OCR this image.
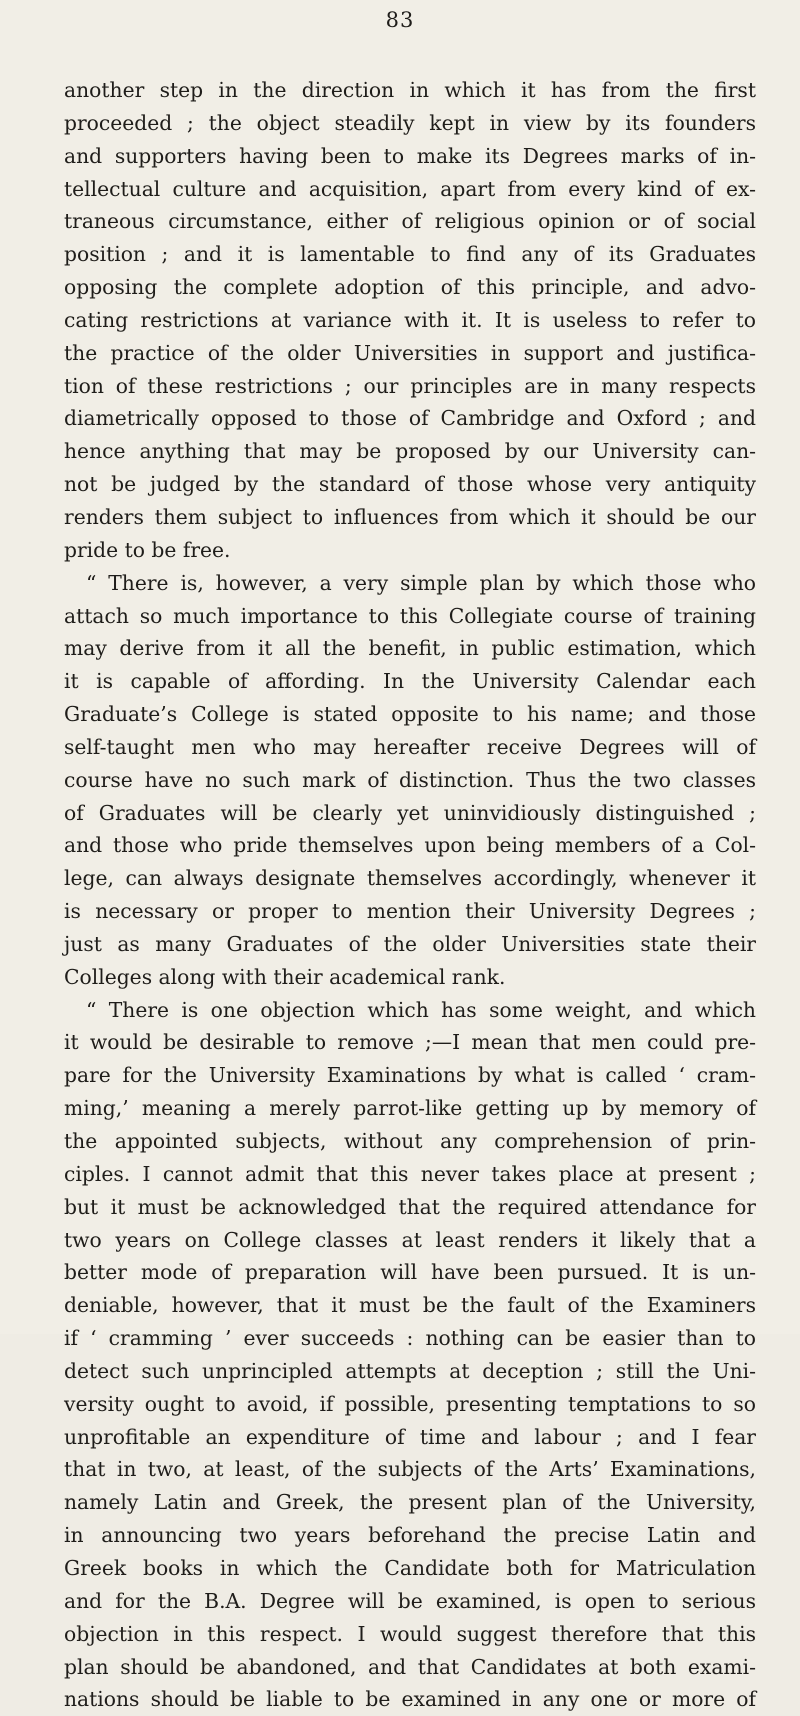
83
another step in the direction in which it has from the first
proceeded ; the object steadily kept in view by its founders
and supporters having been to make its Degrees marks of in-
tellectual culture and acquisition, apart from every kind of ex-
traneous circumstance, either of religious opinion or of social
position ; and it is lamentable to find any of its Graduates
opposing the complete adoption of this principle, and advo-
cating restrictions at variance with it. It is useless to refer to
the practice of the older Universities in support and justifica-
tion of these restrictions ; our principles are in many respects
diametrically opposed to those of Cambridge and Oxford ; and
hence anything that may be proposed by our University can-
not be judged by the standard of those whose very antiquity
renders them subject to influences from which it should be our
pride to be free.
“ There is, however, a very simple plan by which those who
attach so much importance to this Collegiate course of training
may derive from it all the benefit, in public estimation, which
it is capable of affording. In the University Calendar each
Graduate’s College is stated opposite to his name; and those
self-taught men who may hereafter receive Degrees will of
course have no such mark of distinction. Thus the two classes
of Graduates will be clearly yet uninvidiously distinguished ;
and those who pride themselves upon being members of a Col-
lege, can always designate themselves accordingly, whenever it
is necessary or proper to mention their University Degrees ;
just as many Graduates of the older Universities state their
Colleges along with their academical rank.
“ There is one objection which has some weight, and which
it would be desirable to remove ;—I mean that men could pre-
pare for the University Examinations by what is called ‘ cram-
ming,’ meaning a merely parrot-like getting up by memory of
the appointed subjects, without any comprehension of prin-
ciples. I cannot admit that this never takes place at present ;
but it must be acknowledged that the required attendance for
two years on College classes at least renders it likely that a
better mode of preparation will have been pursued. It is un-
deniable, however, that it must be the fault of the Examiners
if ‘ cramming ’ ever succeeds : nothing can be easier than to
detect such unprincipled attempts at deception ; still the Uni-
versity ought to avoid, if possible, presenting temptations to so
unprofitable an expenditure of time and labour ; and I fear
that in two, at least, of the subjects of the Arts’ Examinations,
namely Latin and Greek, the present plan of the University,
in announcing two years beforehand the precise Latin and
Greek books in which the Candidate both for Matriculation
and for the B.A. Degree will be examined, is open to serious
objection in this respect. I would suggest therefore that this
plan should be abandoned, and that Candidates at both exami-
nations should be liable to be examined in any one or more of
